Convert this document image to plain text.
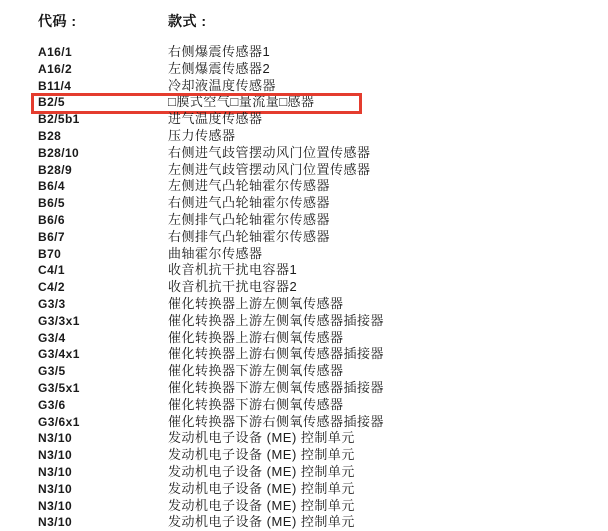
代码 :	款式 :
A16/1	右侧爆震传感器1
A16/2	左侧爆震传感器2
B11/4	冷却液温度传感器
B2/5	□膜式空气□量流量□感器
B2/5b1	进气温度传感器
B28	压力传感器
B28/10	右侧进气歧管摆动风门位置传感器
B28/9	左侧进气歧管摆动风门位置传感器
B6/4	左侧进气凸轮轴霍尔传感器
B6/5	右侧进气凸轮轴霍尔传感器
B6/6	左侧排气凸轮轴霍尔传感器
B6/7	右侧排气凸轮轴霍尔传感器
B70	曲轴霍尔传感器
C4/1	收音机抗干扰电容器1
C4/2	收音机抗干扰电容器2
G3/3	催化转换器上游左侧氧传感器
G3/3x1	催化转换器上游左侧氧传感器插接器
G3/4	催化转换器上游右侧氧传感器
G3/4x1	催化转换器上游右侧氧传感器插接器
G3/5	催化转换器下游左侧氧传感器
G3/5x1	催化转换器下游左侧氧传感器插接器
G3/6	催化转换器下游右侧氧传感器
G3/6x1	催化转换器下游右侧氧传感器插接器
N3/10	发动机电子设备 (ME) 控制单元
N3/10	发动机电子设备 (ME) 控制单元
N3/10	发动机电子设备 (ME) 控制单元
N3/10	发动机电子设备 (ME) 控制单元
N3/10	发动机电子设备 (ME) 控制单元
N3/10	发动机电子设备 (ME) 控制单元
